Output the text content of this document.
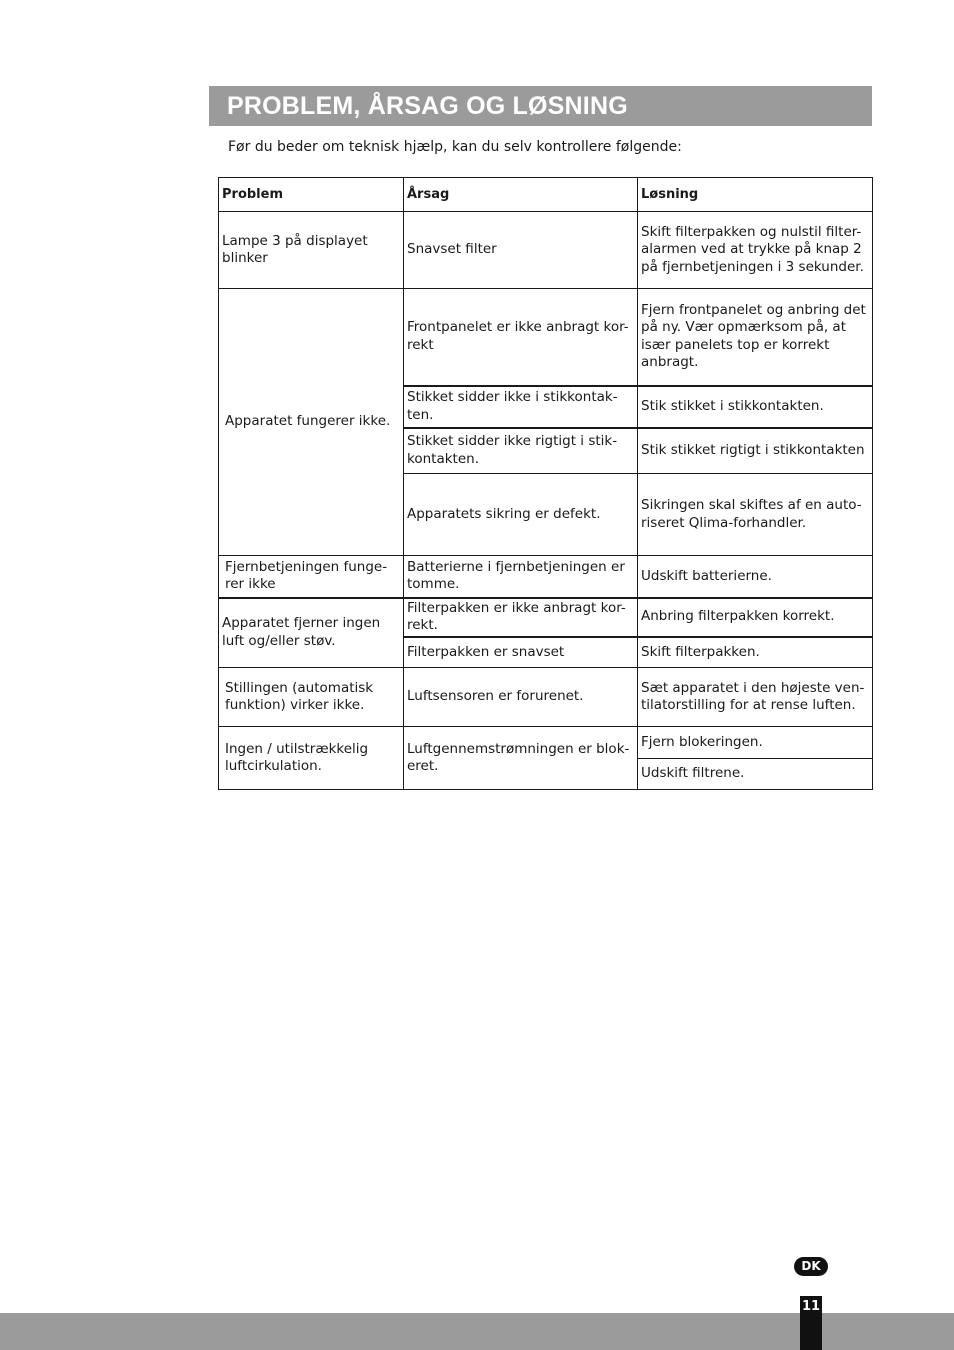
PROBLEM, ÅRSAG OG LØSNING

Før du beder om teknisk hjælp, kan du selv kontrollere følgende:

Problem	Årsag	Løsning
Lampe 3 på displayet blinker	Snavset filter	Skift filterpakken og nulstil filter-alarmen ved at trykke på knap 2 på fjernbetjeningen i 3 sekunder.
Apparatet fungerer ikke.	Frontpanelet er ikke anbragt kor-rekt	Fjern frontpanelet og anbring det på ny. Vær opmærksom på, at især panelets top er korrekt anbragt.
	Stikket sidder ikke i stikkontak-ten.	Stik stikket i stikkontakten.
	Stikket sidder ikke rigtigt i stik-kontakten.	Stik stikket rigtigt i stikkontakten
	Apparatets sikring er defekt.	Sikringen skal skiftes af en auto-riseret Qlima-forhandler.
Fjernbetjeningen funge-rer ikke	Batterierne i fjernbetjeningen er tomme.	Udskift batterierne.
Apparatet fjerner ingen luft og/eller støv.	Filterpakken er ikke anbragt kor-rekt.	Anbring filterpakken korrekt.
	Filterpakken er snavset	Skift filterpakken.
Stillingen (automatisk funktion) virker ikke.	Luftsensoren er forurenet.	Sæt apparatet i den højeste ven-tilatorstilling for at rense luften.
Ingen / utilstrækkelig luftcirkulation.	Luftgennemstrømningen er blok-eret.	Fjern blokeringen.
		Udskift filtrene.
DK
11
